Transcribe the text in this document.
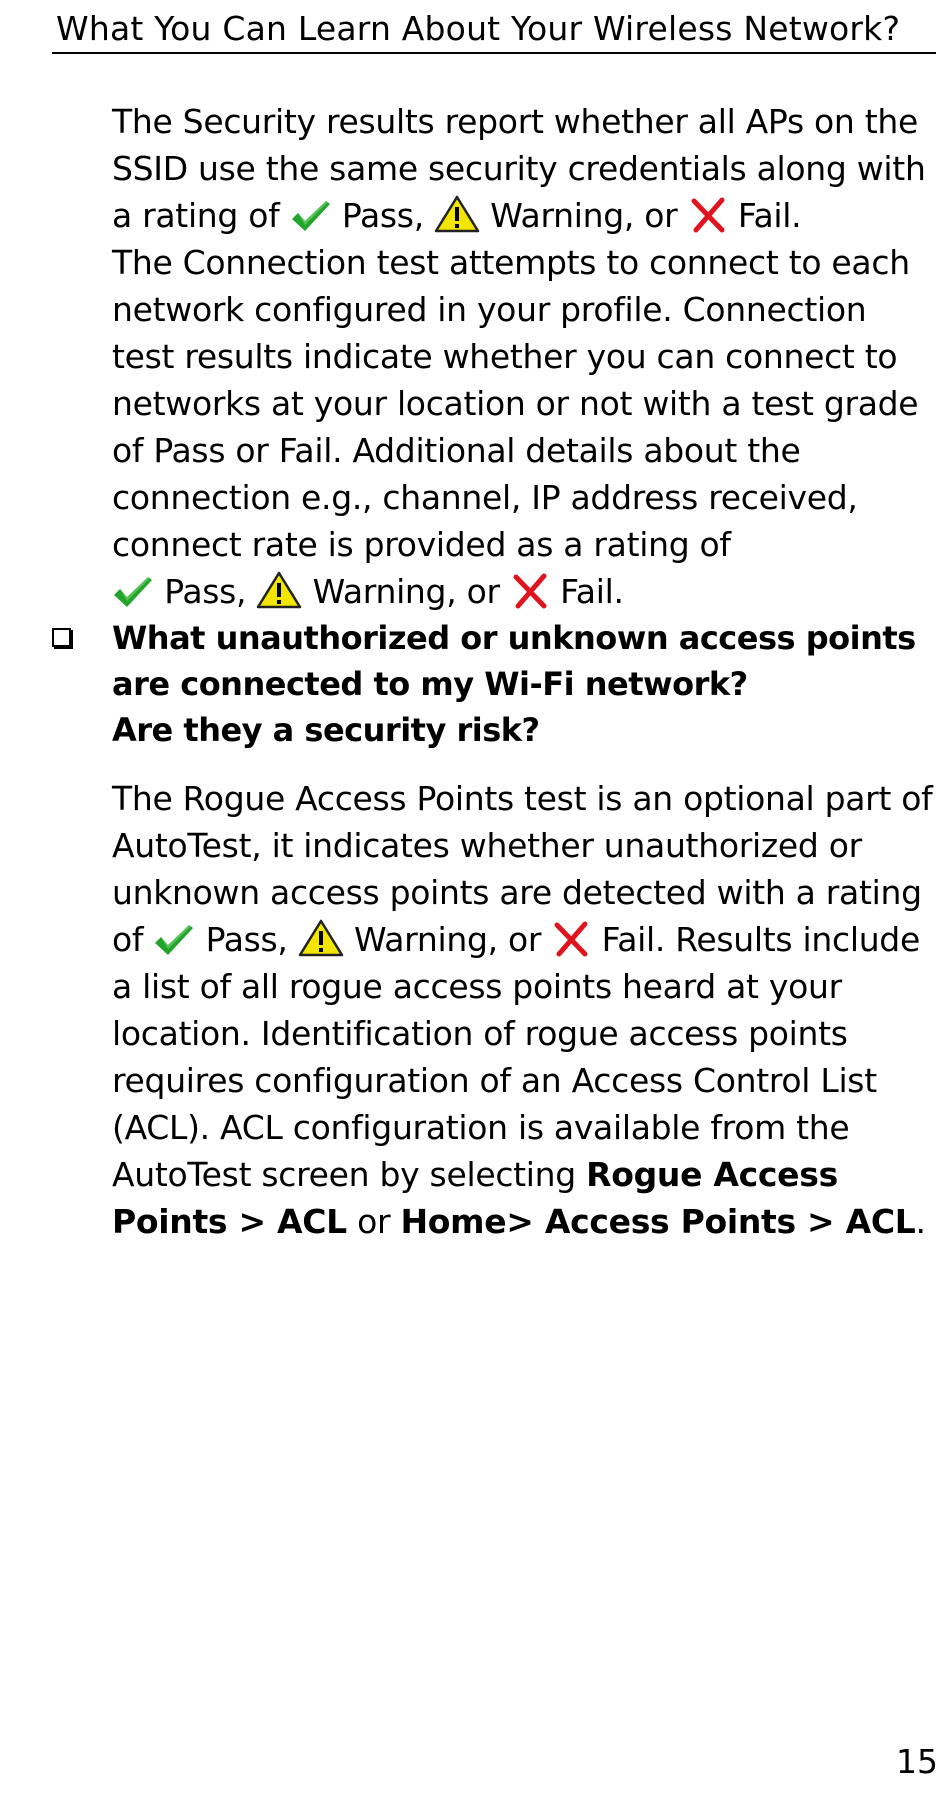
What You Can Learn About Your Wireless Network?

The Security results report whether all APs on the SSID use the same security credentials along with a rating of
Pass, Warning, or Fail.

The Connection test attempts to connect to each network configured in your profile. Connection test results indicate whether you can connect to networks at your location or not with a test grade of Pass or Fail. Additional details about the connection e.g., channel, IP address received, connect rate is provided as a rating of

Pass, Warning, or Fail.

What unauthorized or unknown access points
are connected to my Wi-Fi network?
Are they a security risk?

The Rogue Access Points test is an optional part of AutoTest, it indicates whether unauthorized or unknown access points are detected with a rating of
Pass, Warning, or Fail. Results include a list of all rogue access points heard at your location. Identification of rogue access points requires configuration of an Access Control List (ACL). ACL configuration is available from the AutoTest screen by selecting Rogue Access Points > ACL or Home> Access Points > ACL.

15
